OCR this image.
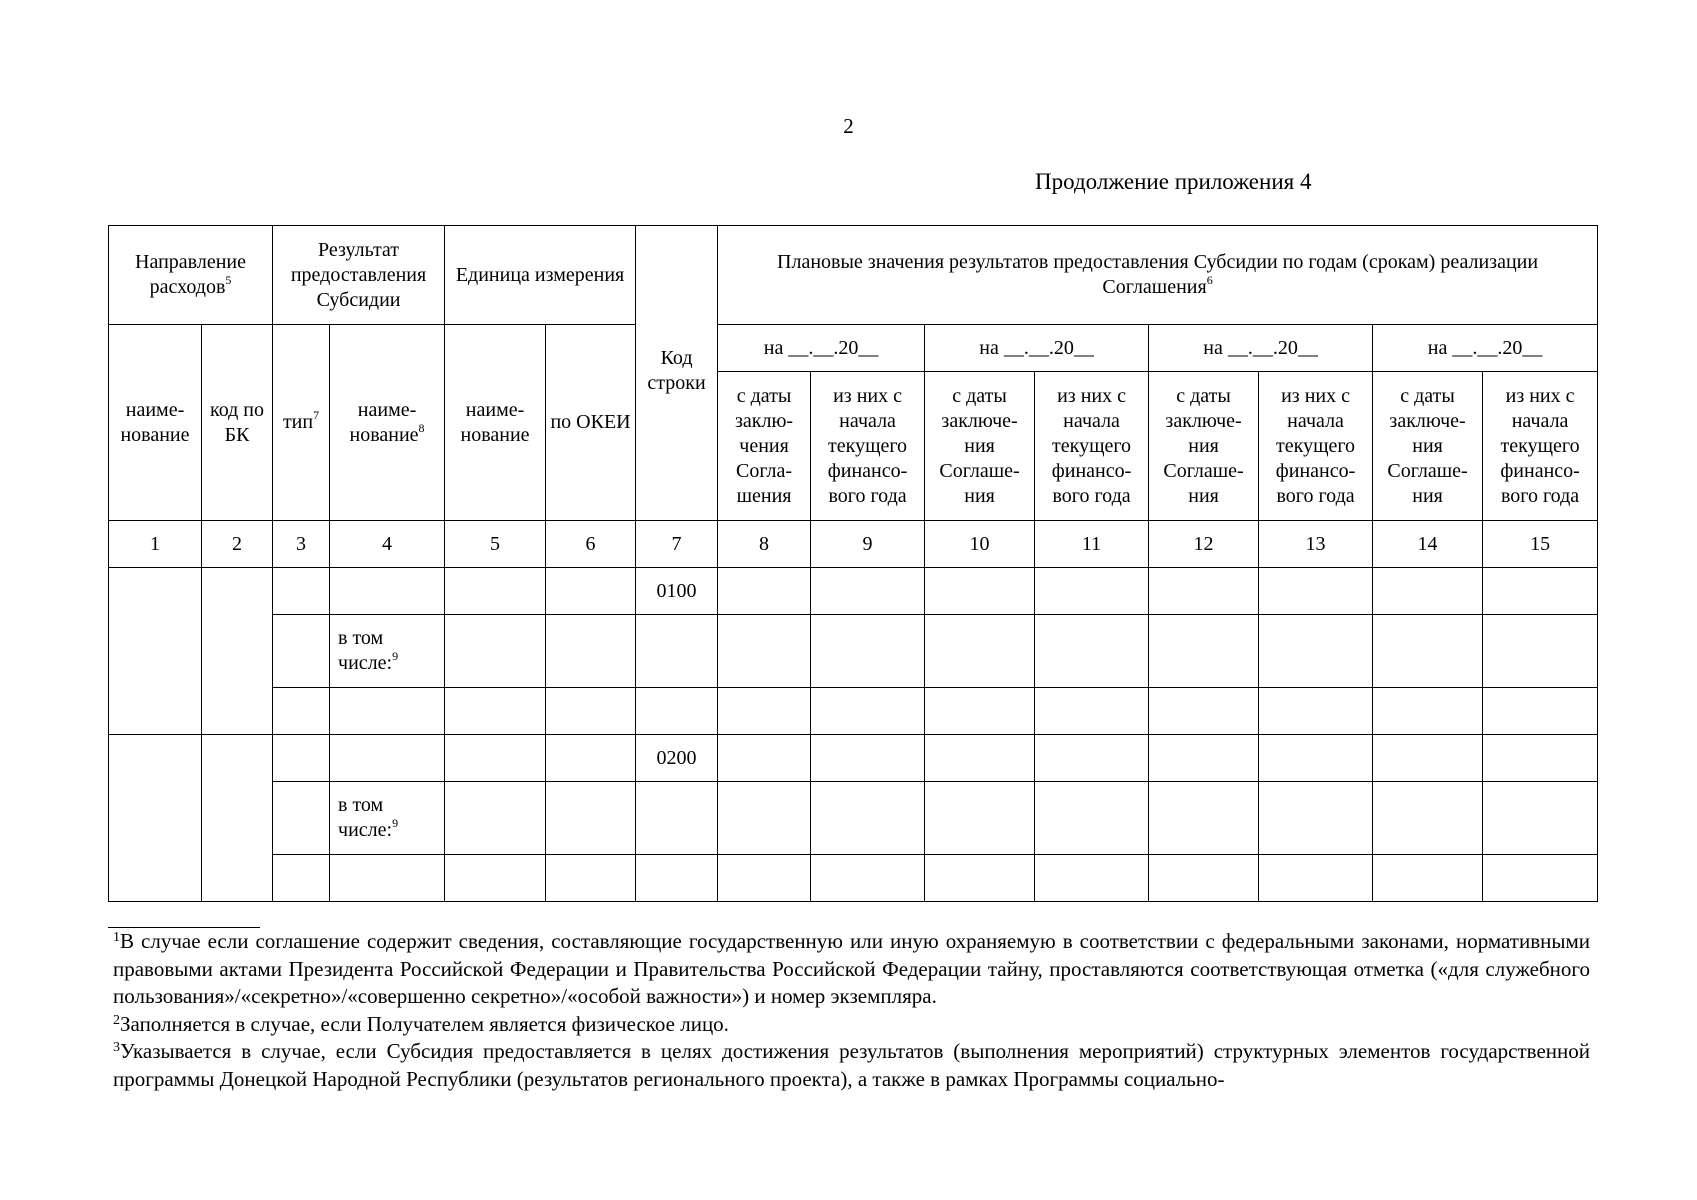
2
Продолжение приложения 4
Направление расходов$^5$		Результат предоставления Субсидии		Единица измерения		Код строки	Плановые значения результатов предоставления Субсидии по годам (срокам) реализации Соглашения$^6$
наиме-нование	код по БК	тип$^7$	наиме-нование$^8$	наиме-нование	по ОКЕИ		на __.__.20__		на __.__.20__		на __.__.20__		на __.__.20__	
							с даты заклю-чения Согла-шения	из них с начала текущего финансо-вого года	с даты заключе-ния Соглаше-ния	из них с начала текущего финансо-вого года	с даты заключе-ния Соглаше-ния	из них с начала текущего финансо-вого года	с даты заключе-ния Соглаше-ния	из них с начала текущего финансо-вого года
1	2	3	4	5	6	7	8	9	10	11	12	13	14	15
						0100								
			в том числе:$^9$											

						0200								
			в том числе:$^9$											

$^1$В случае если соглашение содержит сведения, составляющие государственную или иную охраняемую в соответствии с федеральными законами, нормативными правовыми актами Президента Российской Федерации и Правительства Российской Федерации тайну, проставляются соответствующая отметка («для служебного пользования»/«секретно»/«совершенно секретно»/«особой важности») и номер экземпляра.

$^2$Заполняется в случае, если Получателем является физическое лицо.

$^3$Указывается в случае, если Субсидия предоставляется в целях достижения результатов (выполнения мероприятий) структурных элементов государственной программы Донецкой Народной Республики (результатов регионального проекта), а также в рамках Программы социально-
